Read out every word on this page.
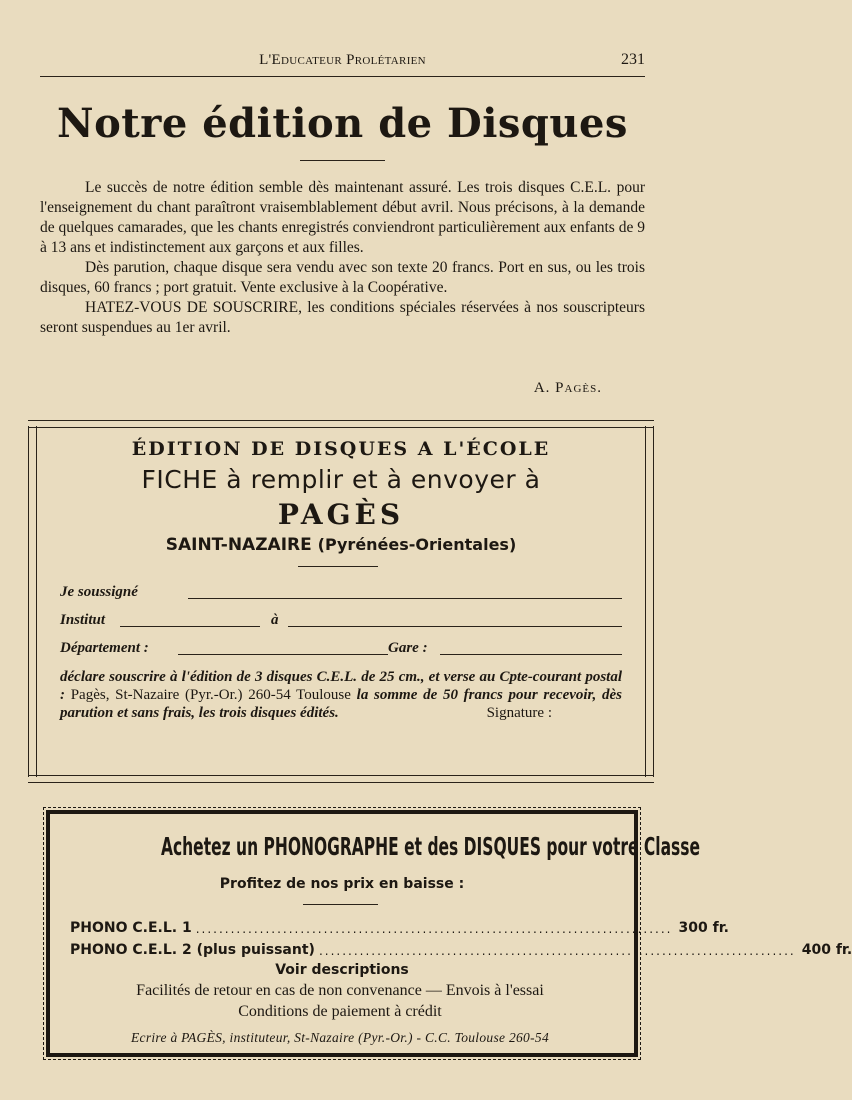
L'Educateur Prolétarien	231
Notre édition de Disques

Le succès de notre édition semble dès maintenant assuré. Les trois disques C.E.L. pour l'enseignement du chant paraîtront vraisemblablement début avril. Nous précisons, à la demande de quelques camarades, que les chants enregistrés conviendront particulièrement aux enfants de 9 à 13 ans et indistinctement aux garçons et aux filles.

Dès parution, chaque disque sera vendu avec son texte 20 francs. Port en sus, ou les trois disques, 60 francs ; port gratuit. Vente exclusive à la Coopérative.

HATEZ-VOUS DE SOUSCRIRE, les conditions spéciales réservées à nos souscripteurs seront suspendues au 1er avril.

A. Pagès.
ÉDITION DE DISQUES A L'ÉCOLE
FICHE à remplir et à envoyer à
PAGÈS
SAINT-NAZAIRE (Pyrénées-Orientales)
Je soussigné
Institut	à
Département :	Gare :
déclare souscrire à l'édition de 3 disques C.E.L. de 25 cm., et verse au Cpte-courant postal : Pagès, St-Nazaire (Pyr.-Or.) 260-54 Toulouse la somme de 50 francs pour recevoir, dès parution et sans frais, les trois disques édités.	Signature :
Achetez un PHONOGRAPHE et des DISQUES pour votre Classe
Profitez de nos prix en baisse :
PHONO C.E.L. 1 .................................................................................. 300 fr.
PHONO C.E.L. 2 (plus puissant) .................................................................................. 400 fr.
Voir descriptions
Facilités de retour en cas de non convenance — Envois à l'essai
Conditions de paiement à crédit
Ecrire à PAGÈS, instituteur, St-Nazaire (Pyr.-Or.) - C.C. Toulouse 260-54
